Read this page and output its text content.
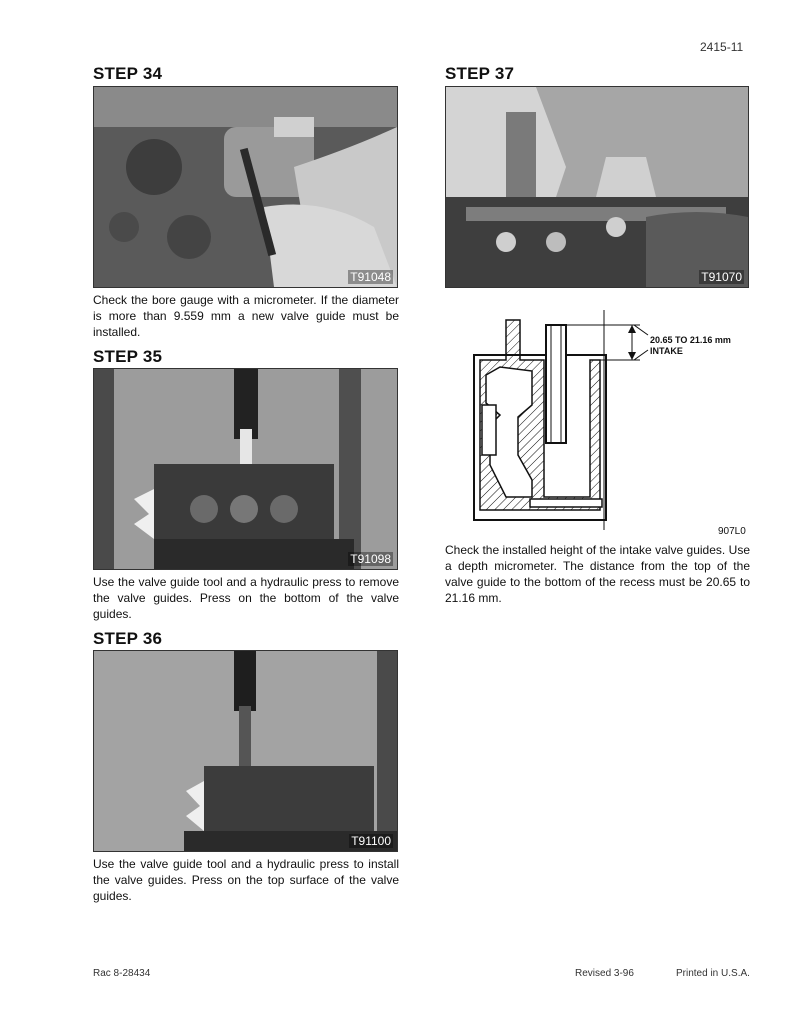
2415-11
STEP 34
T91048
Check the bore gauge with a micrometer. If the diameter is more than 9.559 mm a new valve guide must be installed.
STEP 35
T91098
Use the valve guide tool and a hydraulic press to remove the valve guides. Press on the bottom of the valve guides.
STEP 36
T91100
Use the valve guide tool and a hydraulic press to install the valve guides. Press on the top surface of the valve guides.
STEP 37
T91070
20.65 TO 21.16 mm
INTAKE
907L0
Check the installed height of the intake valve guides. Use a depth micrometer. The distance from the top of the valve guide to the bottom of the recess must be 20.65 to 21.16 mm.
Rac 8-28434	Revised 3-96	Printed in U.S.A.
